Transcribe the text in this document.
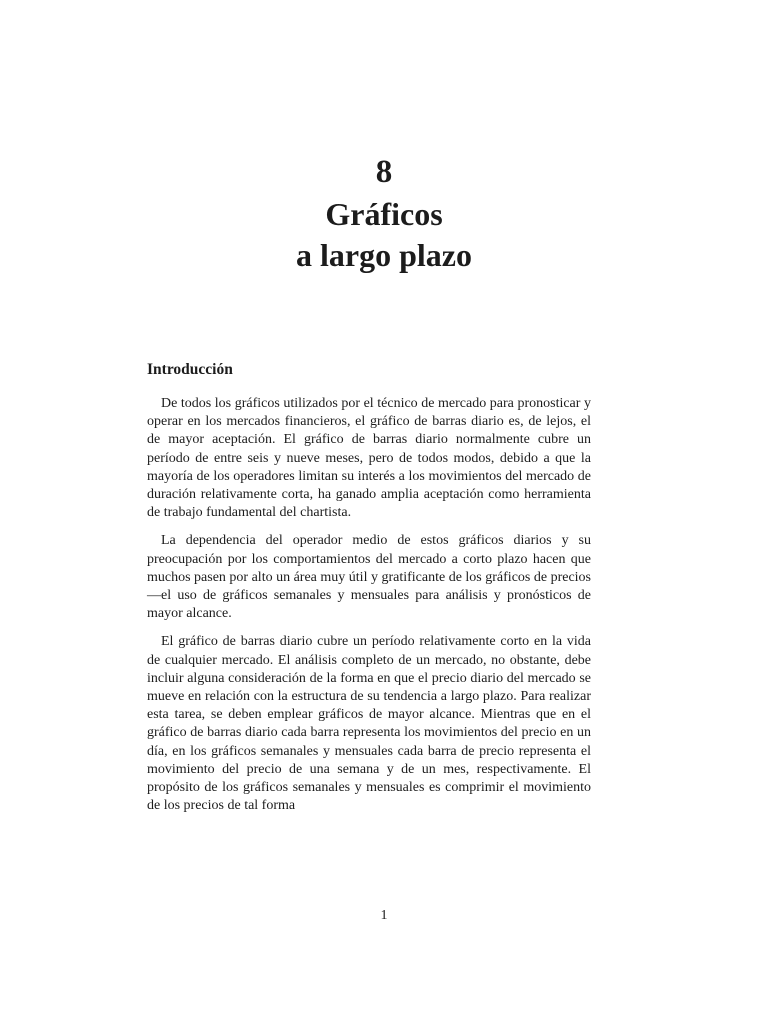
8
Gráficos
a largo plazo
Introducción

De todos los gráficos utilizados por el técnico de mercado para pronosticar y operar en los mercados financieros, el gráfico de barras diario es, de lejos, el de mayor aceptación. El gráfico de barras diario normalmente cubre un período de entre seis y nueve meses, pero de todos modos, debido a que la mayoría de los operadores limitan su interés a los movimientos del mercado de duración relativamente corta, ha ganado amplia aceptación como herramienta de trabajo fundamental del chartista.

La dependencia del operador medio de estos gráficos diarios y su preocupación por los comportamientos del mercado a corto plazo hacen que muchos pasen por alto un área muy útil y gratificante de los gráficos de precios —el uso de gráficos semanales y mensuales para análisis y pronósticos de mayor alcance.

El gráfico de barras diario cubre un período relativamente corto en la vida de cualquier mercado. El análisis completo de un mercado, no obstante, debe incluir alguna consideración de la forma en que el precio diario del mercado se mueve en relación con la estructura de su tendencia a largo plazo. Para realizar esta tarea, se deben emplear gráficos de mayor alcance. Mientras que en el gráfico de barras diario cada barra representa los movimientos del precio en un día, en los gráficos semanales y mensuales cada barra de precio representa el movimiento del precio de una semana y de un mes, respectivamente. El propósito de los gráficos semanales y mensuales es comprimir el movimiento de los precios de tal forma

1
